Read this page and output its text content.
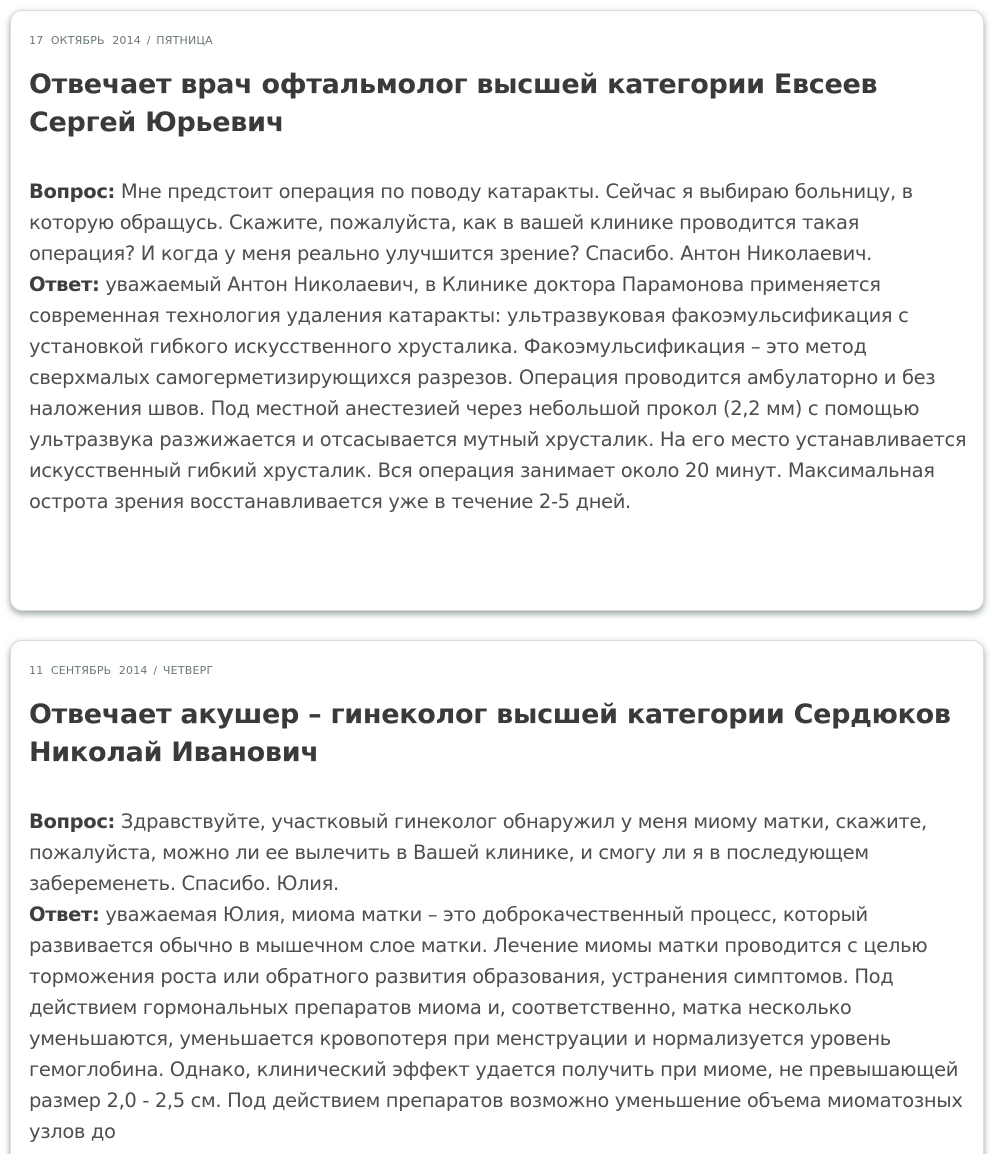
17 ОКТЯБРЬ 2014 / ПЯТНИЦА
Отвечает врач офтальмолог высшей категории Евсеев Сергей Юрьевич

Вопрос: Мне предстоит операция по поводу катаракты. Сейчас я выбираю больницу, в которую обращусь. Скажите, пожалуйста, как в вашей клинике проводится такая операция? И когда у меня реально улучшится зрение? Спасибо. Антон Николаевич.

Ответ: уважаемый Антон Николаевич, в Клинике доктора Парамонова применяется современная технология удаления катаракты: ультразвуковая факоэмульсификация с установкой гибкого искусственного хрусталика. Факоэмульсификация – это метод сверхмалых самогерметизирующихся разрезов. Операция проводится амбулаторно и без наложения швов. Под местной анестезией через небольшой прокол (2,2 мм) с помощью ультразвука разжижается и отсасывается мутный хрусталик. На его место устанавливается искусственный гибкий хрусталик. Вся операция занимает около 20 минут. Максимальная острота зрения восстанавливается уже в течение 2-5 дней.

11 СЕНТЯБРЬ 2014 / ЧЕТВЕРГ
Отвечает акушер – гинеколог высшей категории Сердюков Николай Иванович

Вопрос: Здравствуйте, участковый гинеколог обнаружил у меня миому матки, скажите, пожалуйста, можно ли ее вылечить в Вашей клинике, и смогу ли я в последующем забеременеть. Спасибо. Юлия.

Ответ: уважаемая Юлия, миома матки – это доброкачественный процесс, который развивается обычно в мышечном слое матки. Лечение миомы матки проводится с целью торможения роста или обратного развития образования, устранения симптомов. Под действием гормональных препаратов миома и, соответственно, матка несколько уменьшаются, уменьшается кровопотеря при менструации и нормализуется уровень гемоглобина. Однако, клинический эффект удается получить при миоме, не превышающей размер 2,0 - 2,5 см. Под действием препаратов возможно уменьшение объема миоматозных узлов до
